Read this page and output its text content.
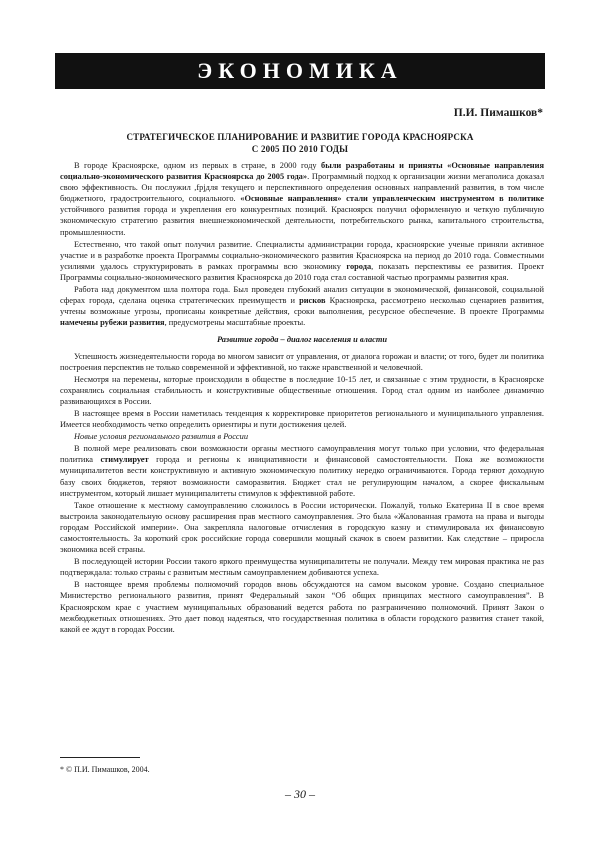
ЭКОНОМИКА
П.И. Пимашков*
СТРАТЕГИЧЕСКОЕ ПЛАНИРОВАНИЕ И РАЗВИТИЕ ГОРОДА КРАСНОЯРСКА
С 2005 ПО 2010 ГОДЫ

В городе Красноярске, одном из первых в стране, в 2000 году были разработаны и приняты «Основные направления социально-экономического развития Красноярска до 2005 года». Программный подход к организации жизни мегаполиса доказал свою эффективность. Он послужил ,fpjдля текущего и перспективного определения основных направлений развития, в том числе бюджетного, градостроительного, социального. «Основные направления» стали управленческим инструментом в политике устойчивого развития города и укрепления его конкурентных позиций. Красноярск получил оформленную и четкую публичную экономическую стратегию развития внешнеэкономической деятельности, потребительского рынка, капитального строительства, промышленности.

Естественно, что такой опыт получил развитие. Специалисты администрации города, красноярские ученые приняли активное участие и в разработке проекта Программы социально-экономического развития Красноярска на период до 2010 года. Совместными усилиями удалось структурировать в рамках программы всю экономику города, показать перспективы ее развития. Проект Программы социально-экономического развития Красноярска до 2010 года стал составной частью программы развития края.

Работа над документом шла полтора года. Был проведен глубокий анализ ситуации в экономической, финансовой, социальной сферах города, сделана оценка стратегических преимуществ и рисков Красноярска, рассмотрено несколько сценариев развития, учтены возможные угрозы, прописаны конкретные действия, сроки выполнения, ресурсное обеспечение. В проекте Программы намечены рубежи развития, предусмотрены масштабные проекты.

Развитие города – диалог населения и власти

Успешность жизнедеятельности города во многом зависит от управления, от диалога горожан и власти; от того, будет ли политика построения перспектив не только современной и эффективной, но также нравственной и человечной.

Несмотря на перемены, которые происходили в обществе в последние 10-15 лет, и связанные с этим трудности, в Красноярске сохранялись социальная стабильность и конструктивные общественные отношения. Город стал одним из наиболее динамично развивающихся в России.

В настоящее время в России наметилась тенденция к корректировке приоритетов регионального и муниципального управления. Имеется необходимость четко определить ориентиры и пути достижения целей.

Новые условия регионального развития в России

В полной мере реализовать свои возможности органы местного самоуправления могут только при условии, что федеральная политика стимулирует города и регионы к инициативности и финансовой самостоятельности. Пока же возможности муниципалитетов вести конструктивную и активную экономическую политику нередко ограничиваются. Города теряют доходную базу своих бюджетов, теряют возможности саморазвития. Бюджет стал не регулирующим началом, а скорее фискальным инструментом, который лишает муниципалитеты стимулов к эффективной работе.

Такое отношение к местному самоуправлению сложилось в России исторически. Пожалуй, только Екатерина II в свое время выстроила законодательную основу расширения прав местного самоуправления. Это была «Жалованная грамота на права и выгоды городам Российской империи». Она закрепляла налоговые отчисления в городскую казну и стимулировала их финансовую самостоятельность. За короткий срок российские города совершили мощный скачок в своем развитии. Как следствие – приросла экономика всей страны.

В последующей истории России такого яркого преимущества муниципалитеты не получали. Между тем мировая практика не раз подтверждала: только страны с развитым местным самоуправлением добиваются успеха.

В настоящее время проблемы полномочий городов вновь обсуждаются на самом высоком уровне. Создано специальное Министерство регионального развития, принят Федеральный закон “Об общих принципах местного самоуправления”. В Красноярском крае с участием муниципальных образований ведется работа по разграничению полномочий. Принят Закон о межбюджетных отношениях. Это дает повод надеяться, что государственная политика в области городского развития станет такой, какой ее ждут в городах России.

* © П.И. Пимашков, 2004.
– 30 –
